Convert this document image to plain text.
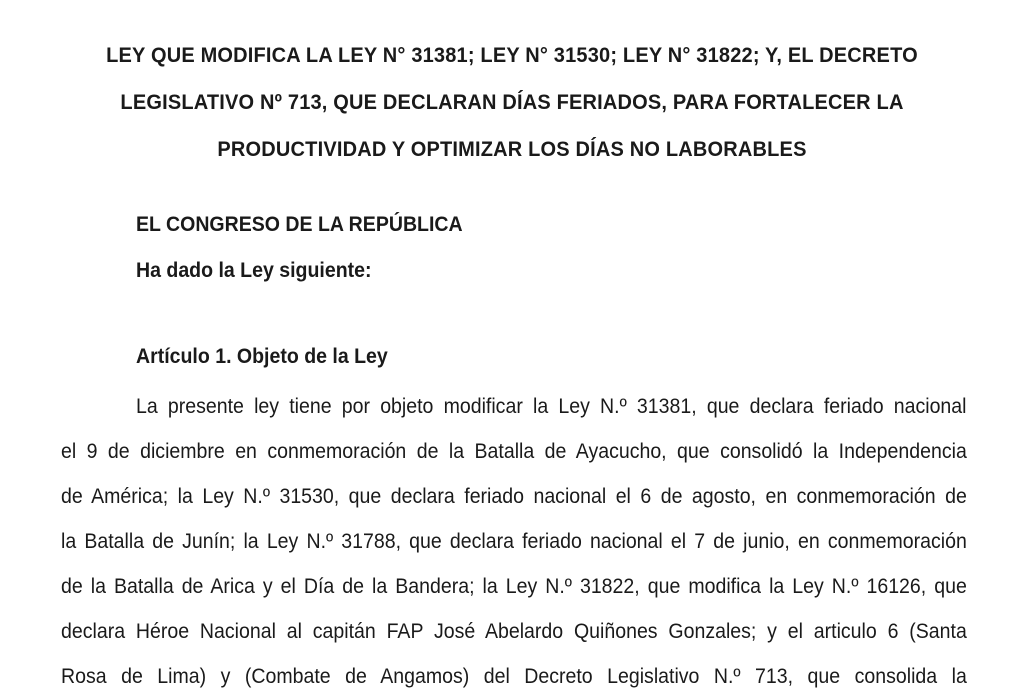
LEY QUE MODIFICA LA LEY N° 31381; LEY N° 31530; LEY N° 31822; Y, EL DECRETO
LEGISLATIVO Nº 713, QUE DECLARAN DÍAS FERIADOS, PARA FORTALECER LA
PRODUCTIVIDAD Y OPTIMIZAR LOS DÍAS NO LABORABLES
EL CONGRESO DE LA REPÚBLICA
Ha dado la Ley siguiente:
Artículo 1. Objeto de la Ley
La presente ley tiene por objeto modificar la Ley N.º 31381, que declara feriado nacional
el 9 de diciembre en conmemoración de la Batalla de Ayacucho, que consolidó la Independencia
de América; la Ley N.º 31530, que declara feriado nacional el 6 de agosto, en conmemoración de
la Batalla de Junín; la Ley N.º 31788, que declara feriado nacional el 7 de junio, en conmemoración
de la Batalla de Arica y el Día de la Bandera; la Ley N.º 31822, que modifica la Ley N.º 16126, que
declara Héroe Nacional al capitán FAP José Abelardo Quiñones Gonzales; y el articulo 6 (Santa
Rosa de Lima) y (Combate de Angamos) del Decreto Legislativo N.º 713, que consolida la
